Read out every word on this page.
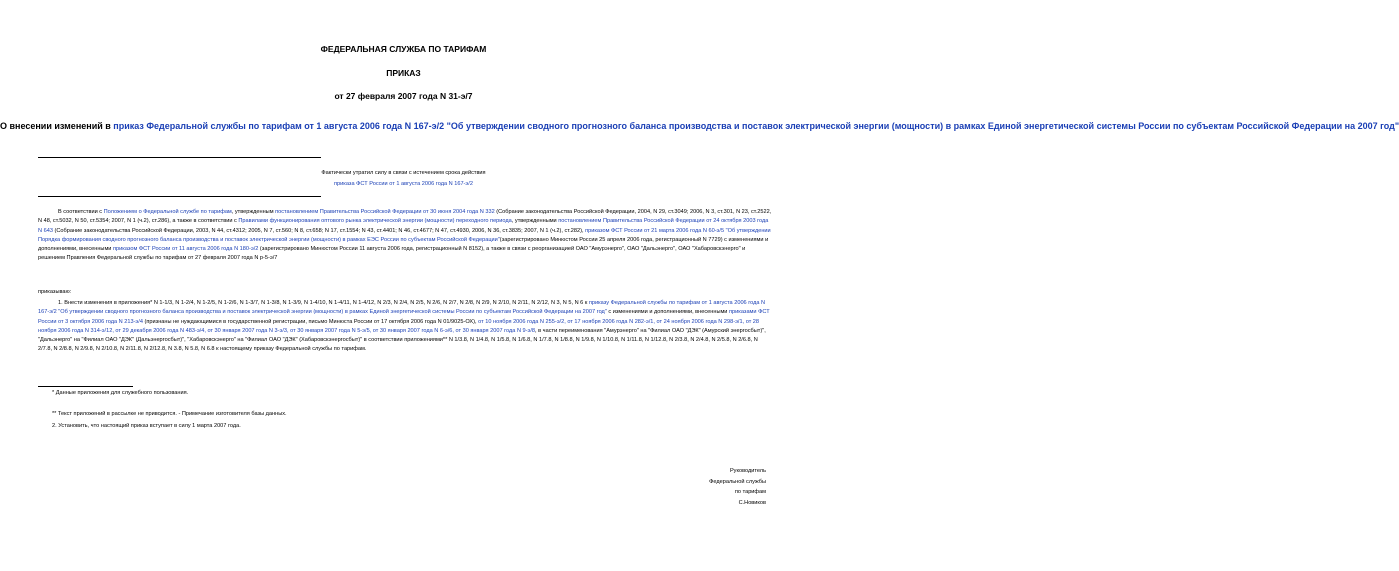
ФЕДЕРАЛЬНАЯ СЛУЖБА ПО ТАРИФАМ
ПРИКАЗ
от 27 февраля 2007 года N 31-э/7
О внесении изменений в приказ Федеральной службы по тарифам от 1 августа 2006 года N 167-э/2 "Об утверждении сводного прогнозного баланса производства и поставок электрической энергии (мощности) в рамках Единой энергетической системы России по субъектам Российской Федерации на 2007 год"
Фактически утратил силу в связи с истечением срока действия
приказа ФСТ России от 1 августа 2006 года N 167-э/2

В соответствии с Положением о Федеральной службе по тарифам, утвержденным постановлением Правительства Российской Федерации от 30 июня 2004 года N 332 (Собрание законодательства Российской Федерации, 2004, N 29, ст.3049; 2006, N 3, ст.301, N 23, ст.2522, N 48, ст.5032, N 50, ст.5354; 2007, N 1 (ч.2), ст.286), а также в соответствии с Правилами функционирования оптового рынка электрической энергии (мощности) переходного периода, утвержденными постановлением Правительства Российской Федерации от 24 октября 2003 года N 643 (Собрание законодательства Российской Федерации, 2003, N 44, ст.4312; 2005, N 7, ст.560; N 8, ст.658; N 17, ст.1554; N 43, ст.4401; N 46, ст.4677; N 47, ст.4930, 2006, N 36, ст.3835; 2007, N 1 (ч.2), ст.282), приказом ФСТ России от 21 марта 2006 года N 60-э/5 "Об утверждении Порядка формирования сводного прогнозного баланса производства и поставок электрической энергии (мощности) в рамках ЕЭС России по субъектам Российской Федерации"(зарегистрировано Минюстом России 25 апреля 2006 года, регистрационный N 7729) с изменениями и дополнениями, внесенными приказом ФСТ России от 11 августа 2006 года N 180-э/2 (зарегистрировано Минюстом России 11 августа 2006 года, регистрационный N 8152), а также в связи с реорганизацией ОАО "Амурэнерго", ОАО "Дальэнерго", ОАО "Хабаровскэнерго" и решением Правления Федеральной службы по тарифам от 27 февраля 2007 года N р-5-э/7

приказываю:

1. Внести изменения в приложения* N 1-1/3, N 1-2/4, N 1-2/5, N 1-2/6, N 1-3/7, N 1-3/8, N 1-3/9, N 1-4/10, N 1-4/11, N 1-4/12, N 2/3, N 2/4, N 2/5, N 2/6, N 2/7, N 2/8, N 2/9, N 2/10, N 2/11, N 2/12, N 3, N 5, N 6 к приказу Федеральной службы по тарифам от 1 августа 2006 года N 167-э/2 "Об утверждении сводного прогнозного баланса производства и поставок электрической энергии (мощности) в рамках Единой энергетической системы России по субъектам Российской Федерации на 2007 год" с изменениями и дополнениями, внесенными приказами ФСТ России от 3 октября 2006 года N 213-э/4 (признаны не нуждающимися в государственной регистрации, письмо Минюста России от 17 октября 2006 года N 01/9025-ОХ), от 10 ноября 2006 года N 255-э/2, от 17 ноября 2006 года N 282-э/1, от 24 ноября 2006 года N 298-э/1, от 28 ноября 2006 года N 314-э/12, от 29 декабря 2006 года N 483-э/4, от 30 января 2007 года N 3-э/3, от 30 января 2007 года N 5-э/5, от 30 января 2007 года N 6-э/6, от 30 января 2007 года N 9-э/8, в части переименования "Амурэнерго" на "Филиал ОАО "ДЭК" (Амурский энергосбыт)", "Дальэнерго" на "Филиал ОАО "ДЭК" (Дальэнергосбыт)", "Хабаровскэнерго" на "Филиал ОАО "ДЭК" (Хабаровскэнергосбыт)" в соответствии приложениями** N 1/3.8, N 1/4.8, N 1/5.8, N 1/6.8, N 1/7.8, N 1/8.8, N 1/9.8, N 1/10.8, N 1/11.8, N 1/12.8, N 2/3.8, N 2/4.8, N 2/5.8, N 2/6.8, N 2/7.8, N 2/8.8, N 2/9.8, N 2/10.8, N 2/11.8, N 2/12.8, N 3.8, N 5.8, N 6.8 к настоящему приказу Федеральной службы по тарифам.

* Данные приложения для служебного пользования.
** Текст приложений в рассылке не приводится. - Примечание изготовителя базы данных.
2. Установить, что настоящий приказ вступает в силу 1 марта 2007 года.
Руководитель
Федеральной службы
по тарифам
С.Новиков
